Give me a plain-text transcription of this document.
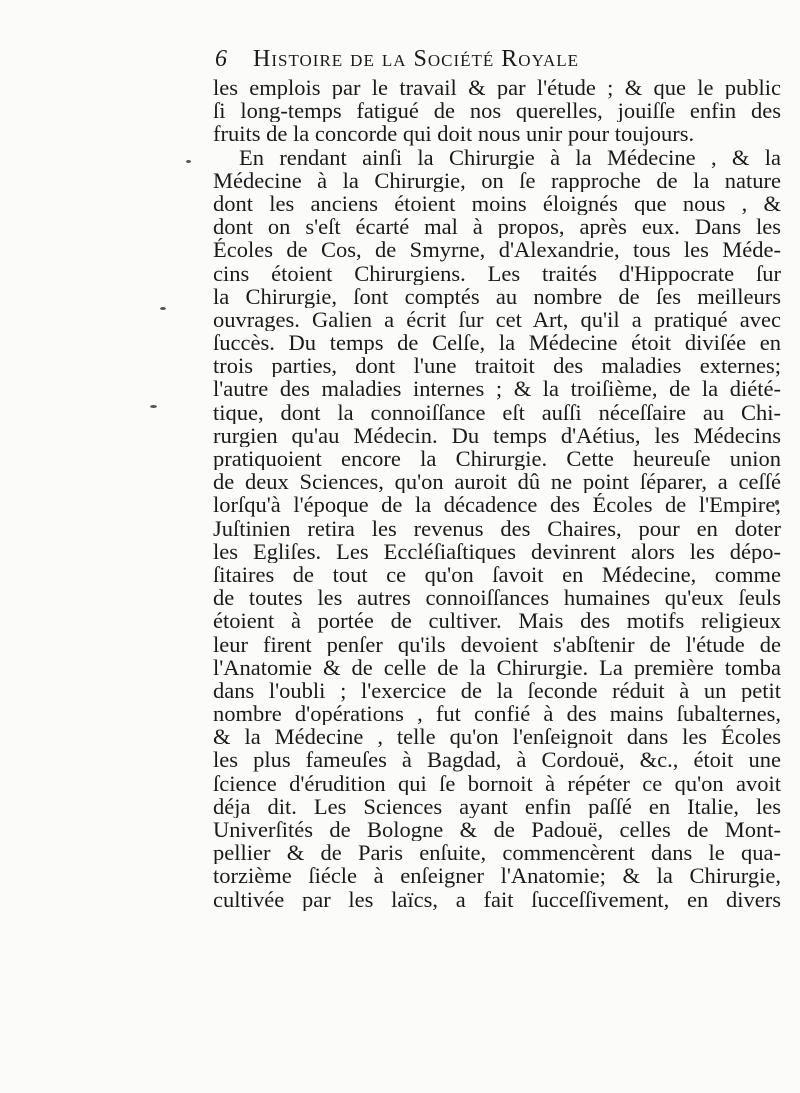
6 Histoire de la Société Royale
les emplois par le travail & par l'étude ; & que le public
ſi long-temps fatigué de nos querelles, jouiſſe enfin des
fruits de la concorde qui doit nous unir pour toujours.
En rendant ainſi la Chirurgie à la Médecine , & la
Médecine à la Chirurgie, on ſe rapproche de la nature
dont les anciens étoient moins éloignés que nous , &
dont on s'eſt écarté mal à propos, après eux. Dans les
Écoles de Cos, de Smyrne, d'Alexandrie, tous les Méde-
cins étoient Chirurgiens. Les traités d'Hippocrate ſur
la Chirurgie, ſont comptés au nombre de ſes meilleurs
ouvrages. Galien a écrit ſur cet Art, qu'il a pratiqué avec
ſuccès. Du temps de Celſe, la Médecine étoit diviſée en
trois parties, dont l'une traitoit des maladies externes;
l'autre des maladies internes ; & la troiſième, de la diété-
tique, dont la connoiſſance eſt auſſi néceſſaire au Chi-
rurgien qu'au Médecin. Du temps d'Aétius, les Médecins
pratiquoient encore la Chirurgie. Cette heureuſe union
de deux Sciences, qu'on auroit dû ne point ſéparer, a ceſſé
lorſqu'à l'époque de la décadence des Écoles de l'Empire,
Juſtinien retira les revenus des Chaires, pour en doter
les Egliſes. Les Eccléſiaſtiques devinrent alors les dépo-
ſitaires de tout ce qu'on ſavoit en Médecine, comme
de toutes les autres connoiſſances humaines qu'eux ſeuls
étoient à portée de cultiver. Mais des motifs religieux
leur firent penſer qu'ils devoient s'abſtenir de l'étude de
l'Anatomie & de celle de la Chirurgie. La première tomba
dans l'oubli ; l'exercice de la ſeconde réduit à un petit
nombre d'opérations , fut confié à des mains ſubalternes,
& la Médecine , telle qu'on l'enſeignoit dans les Écoles
les plus fameuſes à Bagdad, à Cordouë, &c., étoit une
ſcience d'érudition qui ſe bornoit à répéter ce qu'on avoit
déja dit. Les Sciences ayant enfin paſſé en Italie, les
Univerſités de Bologne & de Padouë, celles de Mont-
pellier & de Paris enſuite, commencèrent dans le qua-
torzième ſiécle à enſeigner l'Anatomie; & la Chirurgie,
cultivée par les laïcs, a fait ſucceſſivement, en divers
